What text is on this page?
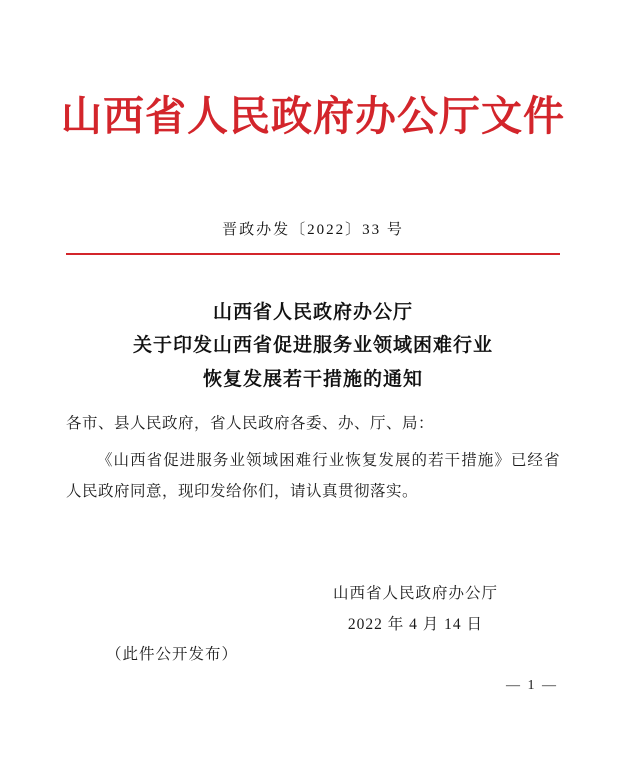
山西省人民政府办公厅文件
晋政办发〔2022〕33 号
山西省人民政府办公厅
关于印发山西省促进服务业领域困难行业
恢复发展若干措施的通知
各市、县人民政府，省人民政府各委、办、厅、局：
《山西省促进服务业领域困难行业恢复发展的若干措施》已经省人民政府同意，现印发给你们，请认真贯彻落实。
山西省人民政府办公厅
2022 年 4 月 14 日
（此件公开发布）
— 1 —
